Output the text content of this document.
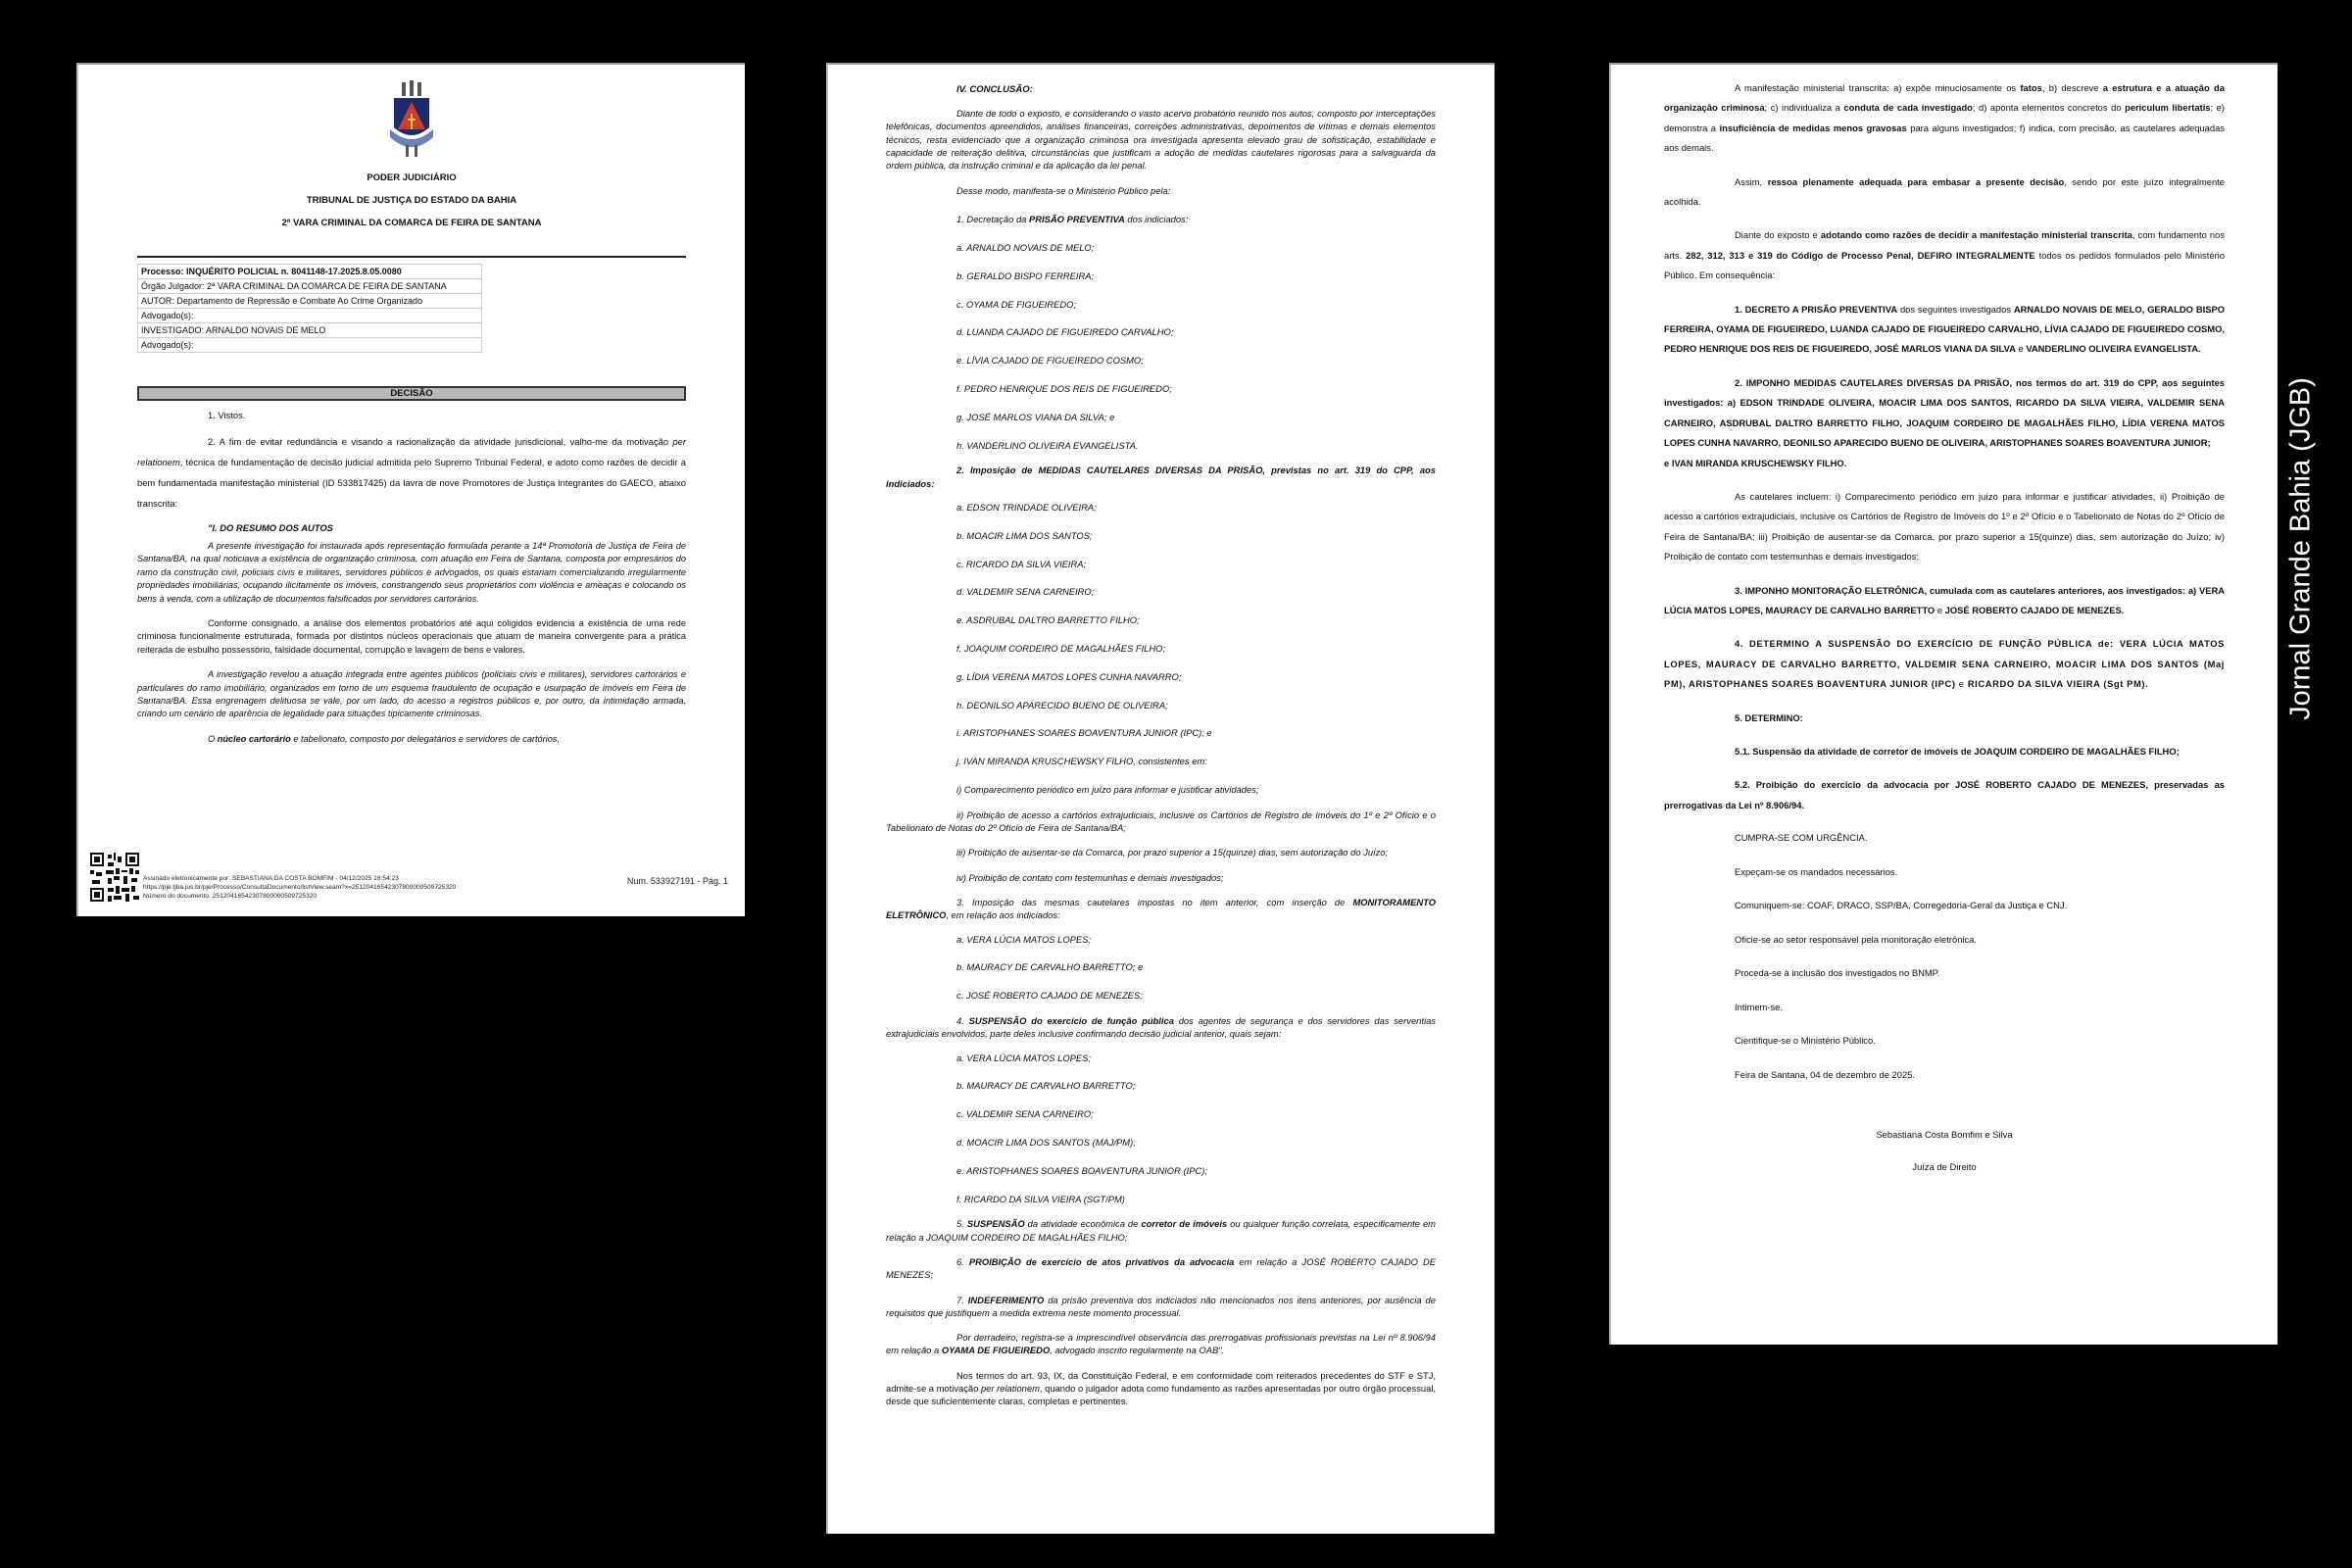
PODER JUDICIÁRIO

TRIBUNAL DE JUSTIÇA DO ESTADO DA BAHIA

2ª VARA CRIMINAL DA COMARCA DE FEIRA DE SANTANA

Processo: INQUÉRITO POLICIAL n. 8041148-17.2025.8.05.0080
Órgão Julgador: 2ª VARA CRIMINAL DA COMARCA DE FEIRA DE SANTANA
AUTOR: Departamento de Repressão e Combate Ao Crime Organizado
Advogado(s):
INVESTIGADO: ARNALDO NOVAIS DE MELO
Advogado(s):
DECISÃO

1. Vistos.

2. A fim de evitar redundância e visando a racionalização da atividade jurisdicional, valho-me da motivação per relationem, técnica de fundamentação de decisão judicial admitida pelo Supremo Tribunal Federal, e adoto como razões de decidir a bem fundamentada manifestação ministerial (ID 533817425) da lavra de nove Promotores de Justiça integrantes do GAECO, abaixo transcrita:

"I. DO RESUMO DOS AUTOS

A presente investigação foi instaurada após representação formulada perante a 14ª Promotoria de Justiça de Feira de Santana/BA, na qual noticiava a existência de organização criminosa, com atuação em Feira de Santana, composta por empresários do ramo da construção civil, policiais civis e militares, servidores públicos e advogados, os quais estariam comercializando irregularmente propriedades imobiliárias, ocupando ilicitamente os imóveis, constrangendo seus proprietários com violência e ameaças e colocando os bens à venda, com a utilização de documentos falsificados por servidores cartorários.

Conforme consignado, a análise dos elementos probatórios até aqui coligidos evidencia a existência de uma rede criminosa funcionalmente estruturada, formada por distintos núcleos operacionais que atuam de maneira convergente para a prática reiterada de esbulho possessório, falsidade documental, corrupção e lavagem de bens e valores.

A investigação revelou a atuação integrada entre agentes públicos (policiais civis e militares), servidores cartorários e particulares do ramo imobiliário, organizados em torno de um esquema fraudulento de ocupação e usurpação de imóveis em Feira de Santana/BA. Essa engrenagem delituosa se vale, por um lado, do acesso a registros públicos e, por outro, da intimidação armada, criando um cenário de aparência de legalidade para situações tipicamente criminosas.

O núcleo cartorário e tabelionato, composto por delegatários e servidores de cartórios,

Assinado eletronicamente por: SEBASTIANA DA COSTA BOMFIM - 04/12/2025 16:54:23
https://pje.tjba.jus.br/pje/Processo/ConsultaDocumento/listView.seam?x=25120416542307800000509725320
Número do documento: 25120416542307800000509725320
Num. 533927191 - Pág. 1

IV. CONCLUSÃO:

Diante de todo o exposto, e considerando o vasto acervo probatório reunido nos autos, composto por interceptações telefônicas, documentos apreendidos, análises financeiras, correições administrativas, depoimentos de vítimas e demais elementos técnicos, resta evidenciado que a organização criminosa ora investigada apresenta elevado grau de sofisticação, estabilidade e capacidade de reiteração delitiva, circunstâncias que justificam a adoção de medidas cautelares rigorosas para a salvaguarda da ordem pública, da instrução criminal e da aplicação da lei penal.

Desse modo, manifesta-se o Ministério Público pela:

1. Decretação da PRISÃO PREVENTIVA dos indiciados:

a. ARNALDO NOVAIS DE MELO;

b. GERALDO BISPO FERREIRA;

c. OYAMA DE FIGUEIREDO;

d. LUANDA CAJADO DE FIGUEIREDO CARVALHO;

e. LÍVIA CAJADO DE FIGUEIREDO COSMO;

f. PEDRO HENRIQUE DOS REIS DE FIGUEIREDO;

g. JOSÉ MARLOS VIANA DA SILVA; e

h. VANDERLINO OLIVEIRA EVANGELISTA.

2. Imposição de MEDIDAS CAUTELARES DIVERSAS DA PRISÃO, previstas no art. 319 do CPP, aos indiciados:

a. EDSON TRINDADE OLIVEIRA;

b. MOACIR LIMA DOS SANTOS;

c. RICARDO DA SILVA VIEIRA;

d. VALDEMIR SENA CARNEIRO;

e. ASDRUBAL DALTRO BARRETTO FILHO;

f. JOAQUIM CORDEIRO DE MAGALHÃES FILHO;

g. LÍDIA VERENA MATOS LOPES CUNHA NAVARRO;

h. DEONILSO APARECIDO BUENO DE OLIVEIRA;

i. ARISTOPHANES SOARES BOAVENTURA JUNIOR (IPC); e

j. IVAN MIRANDA KRUSCHEWSKY FILHO, consistentes em:

i) Comparecimento periódico em juízo para informar e justificar atividades;

ii) Proibição de acesso a cartórios extrajudiciais, inclusive os Cartórios de Registro de Imóveis do 1º e 2º Ofício e o Tabelionato de Notas do 2º Ofício de Feira de Santana/BA;

iii) Proibição de ausentar-se da Comarca, por prazo superior a 15(quinze) dias, sem autorização do Juízo;

iv) Proibição de contato com testemunhas e demais investigados;

3. Imposição das mesmas cautelares impostas no item anterior, com inserção de MONITORAMENTO ELETRÔNICO, em relação aos indiciados:

a. VERA LÚCIA MATOS LOPES;

b. MAURACY DE CARVALHO BARRETTO; e

c. JOSÉ ROBERTO CAJADO DE MENEZES;

4. SUSPENSÃO do exercício de função pública dos agentes de segurança e dos servidores das serventias extrajudiciais envolvidos, parte deles inclusive confirmando decisão judicial anterior, quais sejam:

a. VERA LÚCIA MATOS LOPES;

b. MAURACY DE CARVALHO BARRETTO;

c. VALDEMIR SENA CARNEIRO;

d. MOACIR LIMA DOS SANTOS (MAJ/PM);

e. ARISTOPHANES SOARES BOAVENTURA JUNIOR (IPC);

f. RICARDO DA SILVA VIEIRA (SGT/PM)

5. SUSPENSÃO da atividade econômica de corretor de imóveis ou qualquer função correlata, especificamente em relação a JOAQUIM CORDEIRO DE MAGALHÃES FILHO;

6. PROIBIÇÃO de exercício de atos privativos da advocacia em relação a JOSÉ ROBERTO CAJADO DE MENEZES;

7. INDEFERIMENTO da prisão preventiva dos indiciados não mencionados nos itens anteriores, por ausência de requisitos que justifiquem a medida extrema neste momento processual.

Por derradeiro, registra-se a imprescindível observância das prerrogativas profissionais previstas na Lei nº 8.906/94 em relação a OYAMA DE FIGUEIREDO, advogado inscrito regularmente na OAB".

Nos termos do art. 93, IX, da Constituição Federal, e em conformidade com reiterados precedentes do STF e STJ, admite-se a motivação per relationem, quando o julgador adota como fundamento as razões apresentadas por outro órgão processual, desde que suficientemente claras, completas e pertinentes.

A manifestação ministerial transcrita: a) expõe minuciosamente os fatos, b) descreve a estrutura e a atuação da organização criminosa; c) individualiza a conduta de cada investigado; d) aponta elementos concretos do periculum libertatis; e) demonstra a insuficiência de medidas menos gravosas para alguns investigados; f) indica, com precisão, as cautelares adequadas aos demais.

Assim, ressoa plenamente adequada para embasar a presente decisão, sendo por este juízo integralmente acolhida.

Diante do exposto e adotando como razões de decidir a manifestação ministerial transcrita, com fundamento nos arts. 282, 312, 313 e 319 do Código de Processo Penal, DEFIRO INTEGRALMENTE todos os pedidos formulados pelo Ministério Público. Em consequência:

1. DECRETO A PRISÃO PREVENTIVA dos seguintes investigados ARNALDO NOVAIS DE MELO, GERALDO BISPO FERREIRA, OYAMA DE FIGUEIREDO, LUANDA CAJADO DE FIGUEIREDO CARVALHO, LÍVIA CAJADO DE FIGUEIREDO COSMO, PEDRO HENRIQUE DOS REIS DE FIGUEIREDO, JOSÉ MARLOS VIANA DA SILVA e VANDERLINO OLIVEIRA EVANGELISTA.

2. IMPONHO MEDIDAS CAUTELARES DIVERSAS DA PRISÃO, nos termos do art. 319 do CPP, aos seguintes investigados: a) EDSON TRINDADE OLIVEIRA, MOACIR LIMA DOS SANTOS, RICARDO DA SILVA VIEIRA, VALDEMIR SENA CARNEIRO, ASDRUBAL DALTRO BARRETTO FILHO, JOAQUIM CORDEIRO DE MAGALHÃES FILHO, LÍDIA VERENA MATOS LOPES CUNHA NAVARRO, DEONILSO APARECIDO BUENO DE OLIVEIRA, ARISTOPHANES SOARES BOAVENTURA JUNIOR;

e IVAN MIRANDA KRUSCHEWSKY FILHO.

As cautelares incluem: i) Comparecimento periódico em juízo para informar e justificar atividades, ii) Proibição de acesso a cartórios extrajudiciais, inclusive os Cartórios de Registro de Imóveis do 1º e 2º Ofício e o Tabelionato de Notas do 2º Ofício de Feira de Santana/BA; iii) Proibição de ausentar-se da Comarca, por prazo superior a 15(quinze) dias, sem autorização do Juízo; iv) Proibição de contato com testemunhas e demais investigados;

3. IMPONHO MONITORAÇÃO ELETRÔNICA, cumulada com as cautelares anteriores, aos investigados: a) VERA LÚCIA MATOS LOPES, MAURACY DE CARVALHO BARRETTO e JOSÉ ROBERTO CAJADO DE MENEZES.

4. DETERMINO A SUSPENSÃO DO EXERCÍCIO DE FUNÇÃO PÚBLICA de: VERA LÚCIA MATOS LOPES, MAURACY DE CARVALHO BARRETTO, VALDEMIR SENA CARNEIRO, MOACIR LIMA DOS SANTOS (Maj PM), ARISTOPHANES SOARES BOAVENTURA JUNIOR (IPC) e RICARDO DA SILVA VIEIRA (Sgt PM).

5. DETERMINO:

5.1. Suspensão da atividade de corretor de imóveis de JOAQUIM CORDEIRO DE MAGALHÃES FILHO;

5.2. Proibição do exercício da advocacia por JOSÉ ROBERTO CAJADO DE MENEZES, preservadas as prerrogativas da Lei nº 8.906/94.

CUMPRA-SE COM URGÊNCIA.

Expeçam-se os mandados necessários.

Comuniquem-se: COAF, DRACO, SSP/BA, Corregedoria-Geral da Justiça e CNJ.

Oficie-se ao setor responsável pela monitoração eletrônica.

Proceda-se à inclusão dos investigados no BNMP.

Intimem-se.

Cientifique-se o Ministério Público.

Feira de Santana, 04 de dezembro de 2025.

Sebastiana Costa Bomfim e Silva

Juíza de Direito

Jornal Grande Bahia (JGB)
